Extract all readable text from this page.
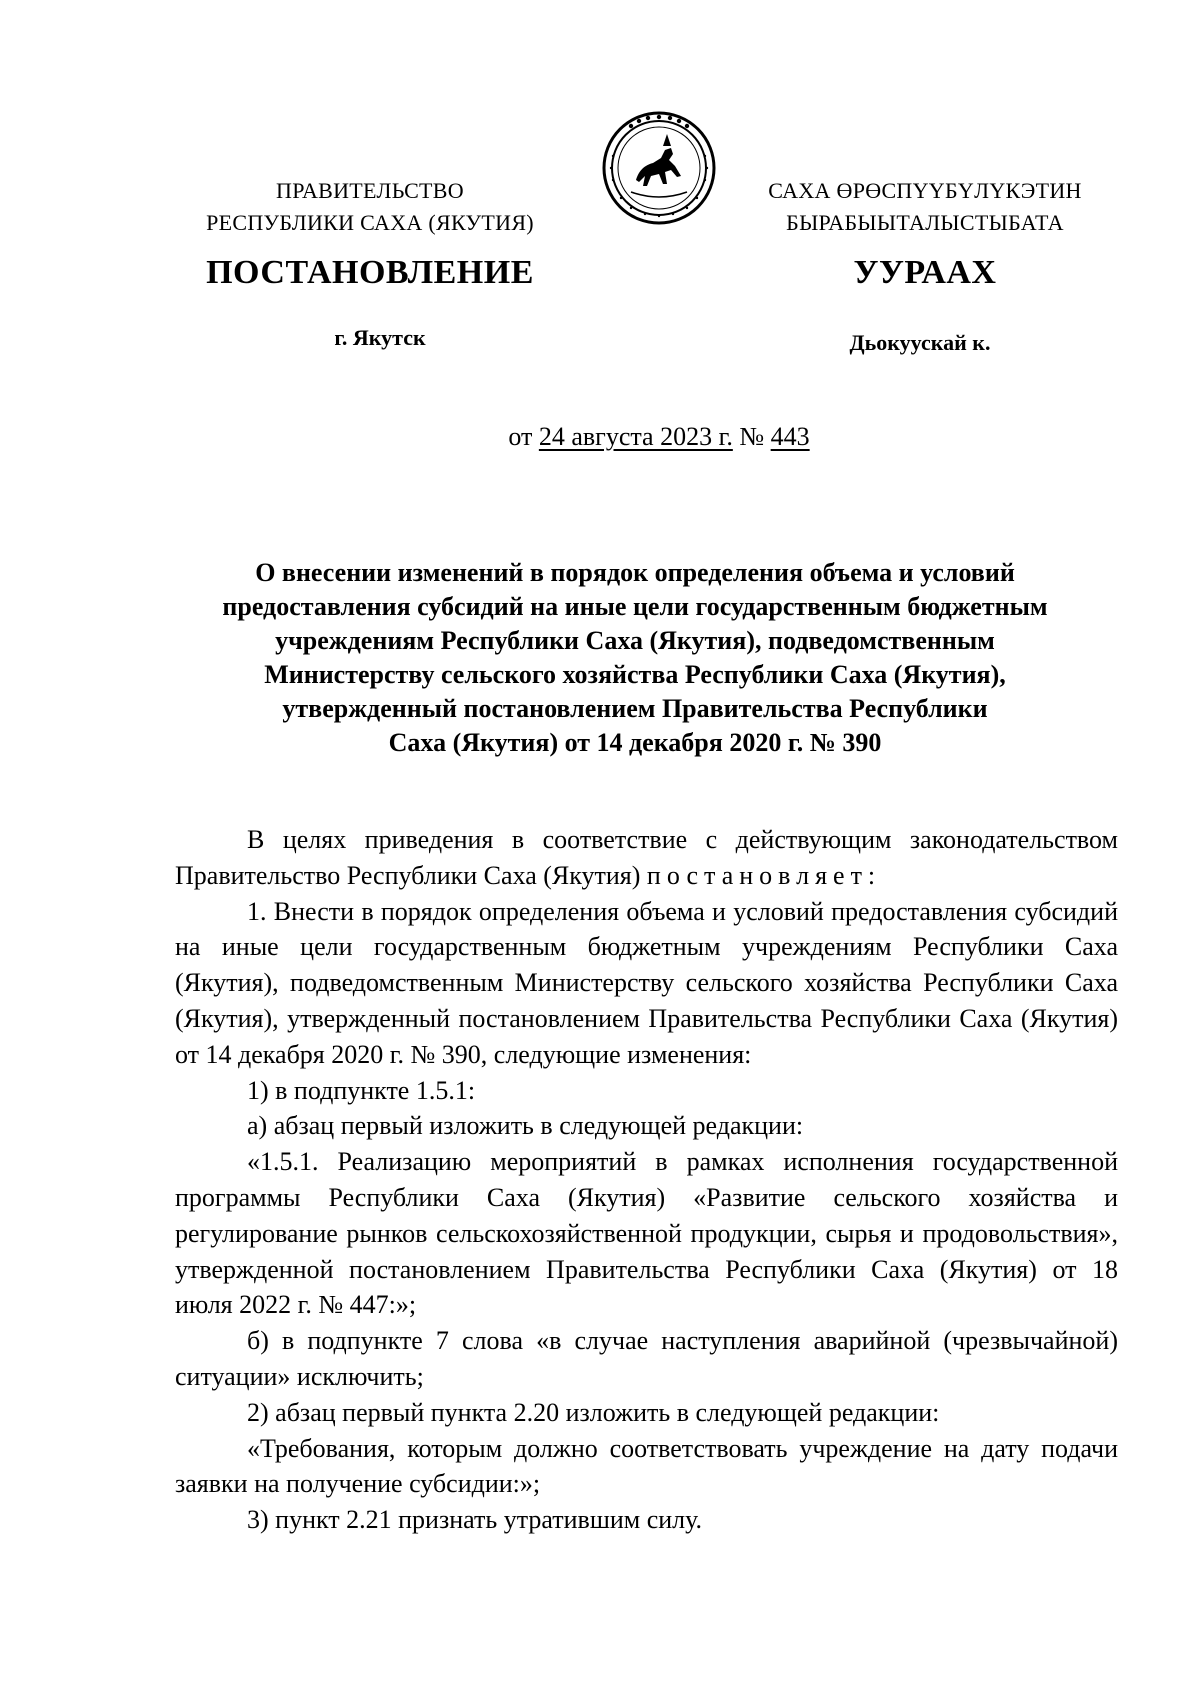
ПРАВИТЕЛЬСТВО
РЕСПУБЛИКИ САХА (ЯКУТИЯ)
САХА ӨРӨСПҮҮБҮЛҮКЭТИН
БЫРАБЫЫТАЛЫСТЫБАТА
ПОСТАНОВЛЕНИЕ	УУРААХ
г. Якутск	Дьокуускай к.
от 24 августа 2023 г. № 443
О внесении изменений в порядок определения объема и условий
предоставления субсидий на иные цели государственным бюджетным
учреждениям Республики Саха (Якутия), подведомственным
Министерству сельского хозяйства Республики Саха (Якутия),
утвержденный постановлением Правительства Республики
Саха (Якутия) от 14 декабря 2020 г. № 390

В целях приведения в соответствие с действующим законодательством Правительство Республики Саха (Якутия) постановляет:

1. Внести в порядок определения объема и условий предоставления субсидий на иные цели государственным бюджетным учреждениям Республики Саха (Якутия), подведомственным Министерству сельского хозяйства Республики Саха (Якутия), утвержденный постановлением Правительства Республики Саха (Якутия) от 14 декабря 2020 г. № 390, следующие изменения:

1) в подпункте 1.5.1:

а) абзац первый изложить в следующей редакции:

«1.5.1. Реализацию мероприятий в рамках исполнения государственной программы Республики Саха (Якутия) «Развитие сельского хозяйства и регулирование рынков сельскохозяйственной продукции, сырья и продовольствия», утвержденной постановлением Правительства Республики Саха (Якутия) от 18 июля 2022 г. № 447:»;

б) в подпункте 7 слова «в случае наступления аварийной (чрезвычайной) ситуации» исключить;

2) абзац первый пункта 2.20 изложить в следующей редакции:

«Требования, которым должно соответствовать учреждение на дату подачи заявки на получение субсидии:»;

3) пункт 2.21 признать утратившим силу.
